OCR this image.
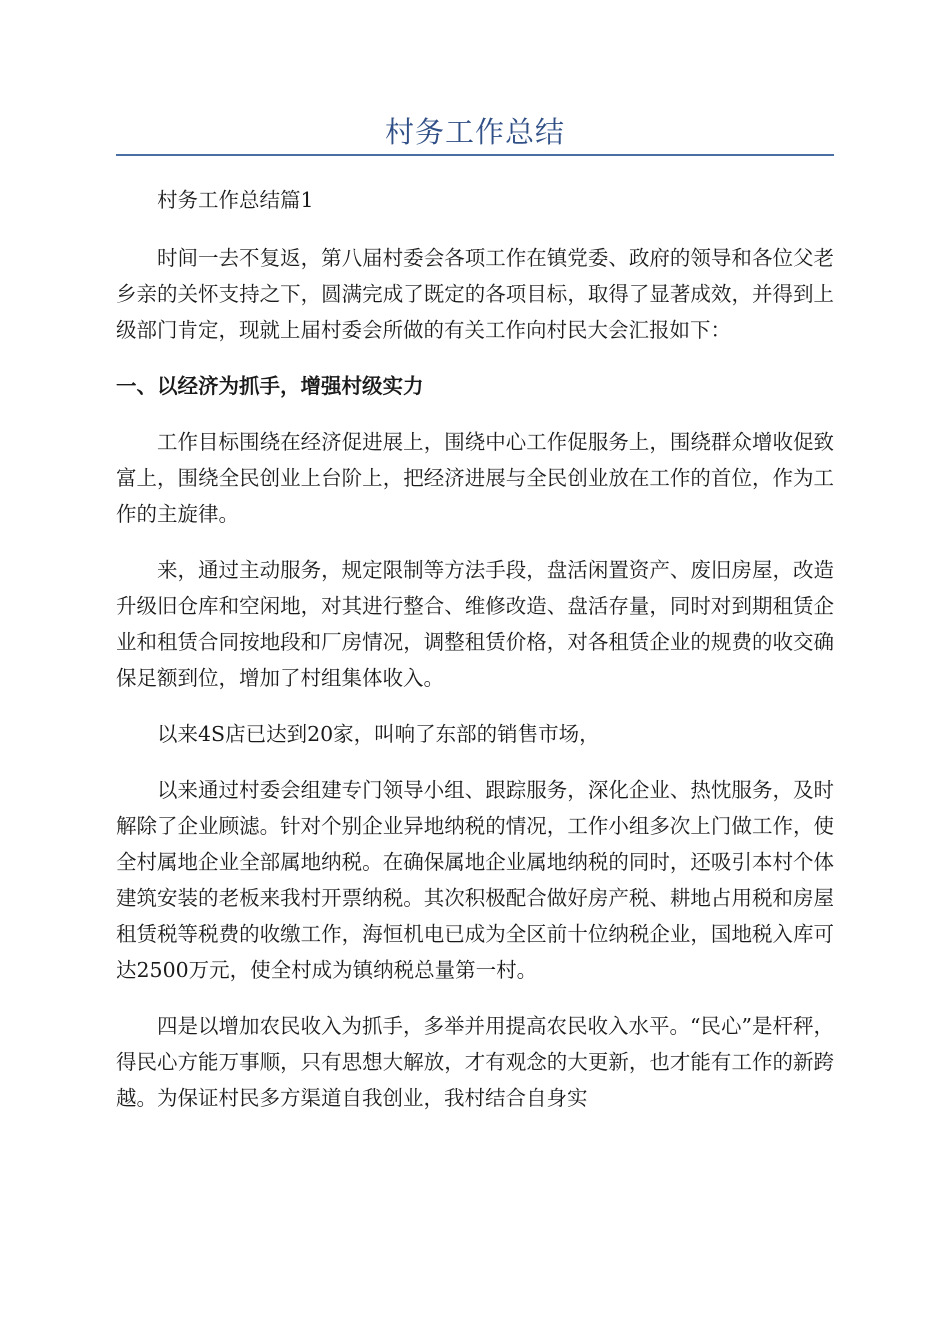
村务工作总结

村务工作总结篇1

时间一去不复返，第八届村委会各项工作在镇党委、政府的领导和各位父老乡亲的关怀支持之下，圆满完成了既定的各项目标，取得了显著成效，并得到上级部门肯定，现就上届村委会所做的有关工作向村民大会汇报如下：

一、以经济为抓手，增强村级实力

工作目标围绕在经济促进展上，围绕中心工作促服务上，围绕群众增收促致富上，围绕全民创业上台阶上，把经济进展与全民创业放在工作的首位，作为工作的主旋律。

来，通过主动服务，规定限制等方法手段，盘活闲置资产、废旧房屋，改造升级旧仓库和空闲地，对其进行整合、维修改造、盘活存量，同时对到期租赁企业和租赁合同按地段和厂房情况，调整租赁价格，对各租赁企业的规费的收交确保足额到位，增加了村组集体收入。

以来4S店已达到20家，叫响了东部的销售市场，

以来通过村委会组建专门领导小组、跟踪服务，深化企业、热忱服务，及时解除了企业顾滤。针对个别企业异地纳税的情况，工作小组多次上门做工作，使全村属地企业全部属地纳税。在确保属地企业属地纳税的同时，还吸引本村个体建筑安装的老板来我村开票纳税。其次积极配合做好房产税、耕地占用税和房屋租赁税等税费的收缴工作，海恒机电已成为全区前十位纳税企业，国地税入库可达2500万元，使全村成为镇纳税总量第一村。

四是以增加农民收入为抓手，多举并用提高农民收入水平。“民心”是杆秤，得民心方能万事顺，只有思想大解放，才有观念的大更新，也才能有工作的新跨越。为保证村民多方渠道自我创业，我村结合自身实
